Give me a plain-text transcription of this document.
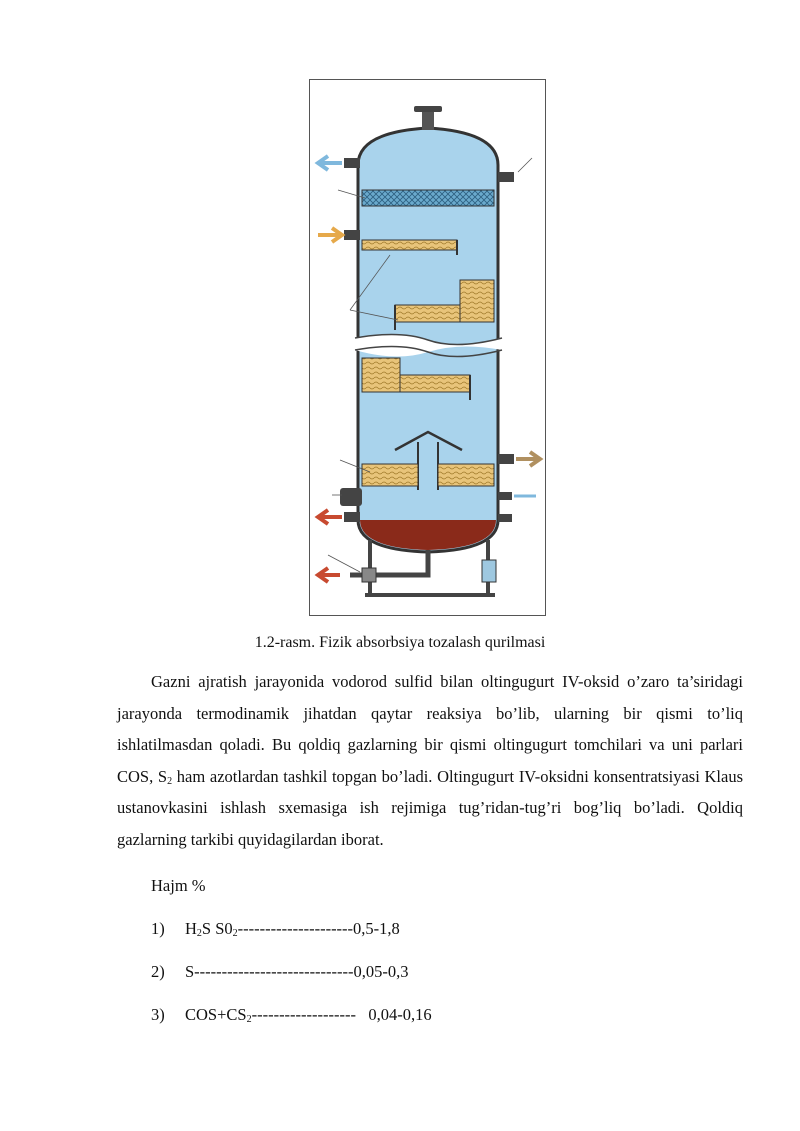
1.2-rasm. Fizik absorbsiya tozalash qurilmasi
Gazni ajratish jarayonida vodorod sulfid bilan oltingugurt IV-oksid o’zaro ta’siridagi jarayonda termodinamik jihatdan qaytar reaksiya bo’lib, ularning bir qismi to’liq ishlatilmasdan qoladi. Bu qoldiq gazlarning bir qismi oltingugurt tomchilari va uni parlari COS, $S_2$ ham azotlardan tashkil topgan bo’ladi. Oltingugurt IV-oksidni konsentratsiyasi Klaus ustanovkasini ishlash sxemasiga ish rejimiga tug’ridan-tug’ri bog’liq bo’ladi. Qoldiq gazlarning tarkibi quyidagilardan iborat.
Hajm %
1) $H_2S$ $S0_2---------------------0,5-1,8$
2) S-----------------------------0,05-0,3
3) $COS+CS_2-------------------$   0,04-0,16
